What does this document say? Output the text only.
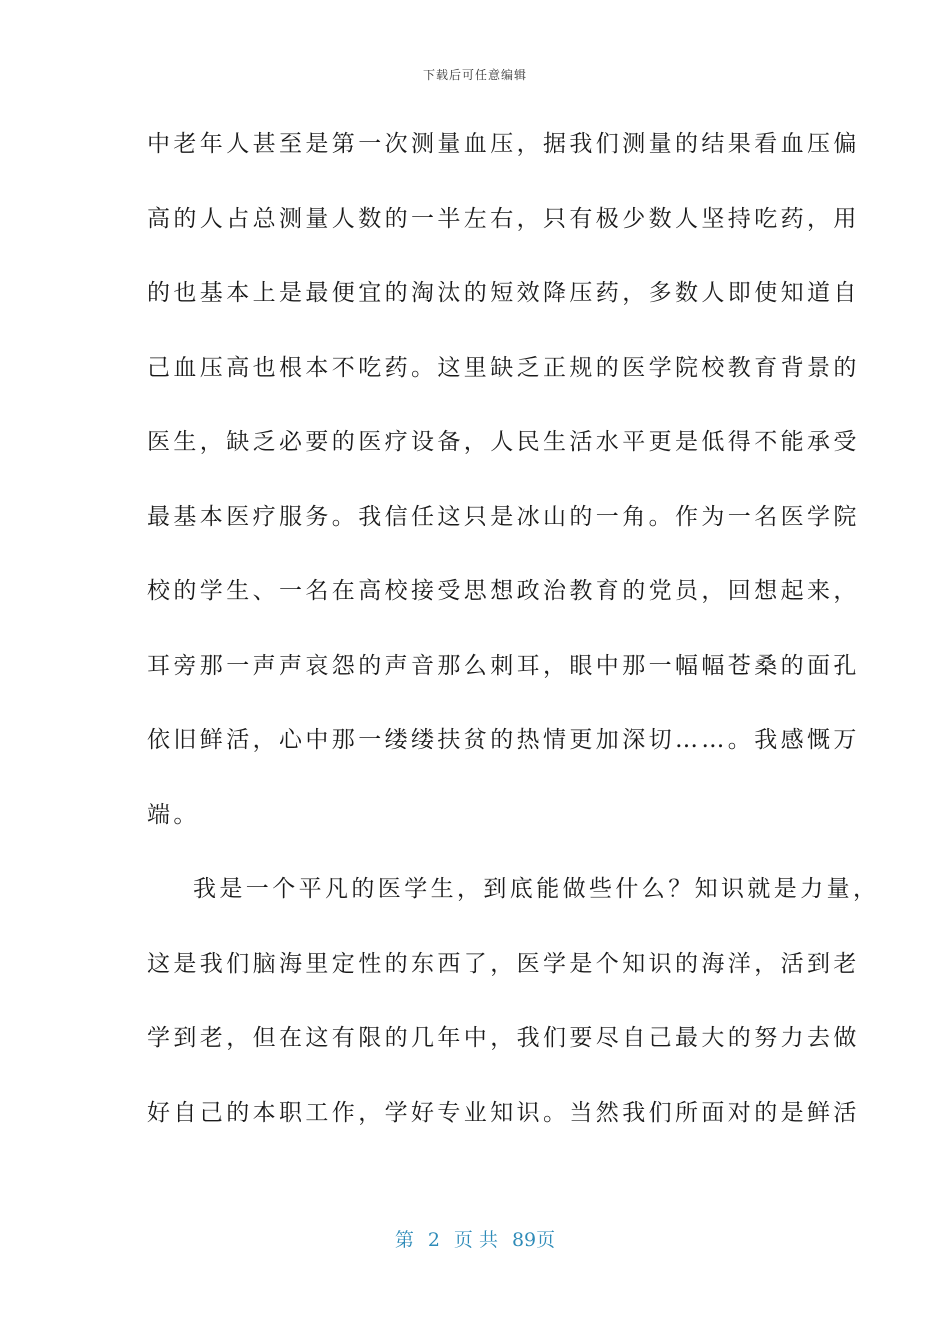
下载后可任意编辑
中老年人甚至是第一次测量血压，据我们测量的结果看血压偏
高的人占总测量人数的一半左右，只有极少数人坚持吃药，用
的也基本上是最便宜的淘汰的短效降压药，多数人即使知道自
己血压高也根本不吃药。这里缺乏正规的医学院校教育背景的
医生，缺乏必要的医疗设备，人民生活水平更是低得不能承受
最基本医疗服务。我信任这只是冰山的一角。作为一名医学院
校的学生、一名在高校接受思想政治教育的党员，回想起来，
耳旁那一声声哀怨的声音那么刺耳，眼中那一幅幅苍桑的面孔
依旧鲜活，心中那一缕缕扶贫的热情更加深切……。我感慨万
端。
我是一个平凡的医学生，到底能做些什么？知识就是力量，
这是我们脑海里定性的东西了，医学是个知识的海洋，活到老
学到老，但在这有限的几年中，我们要尽自己最大的努力去做
好自己的本职工作，学好专业知识。当然我们所面对的是鲜活
第 2 页 共 89页
